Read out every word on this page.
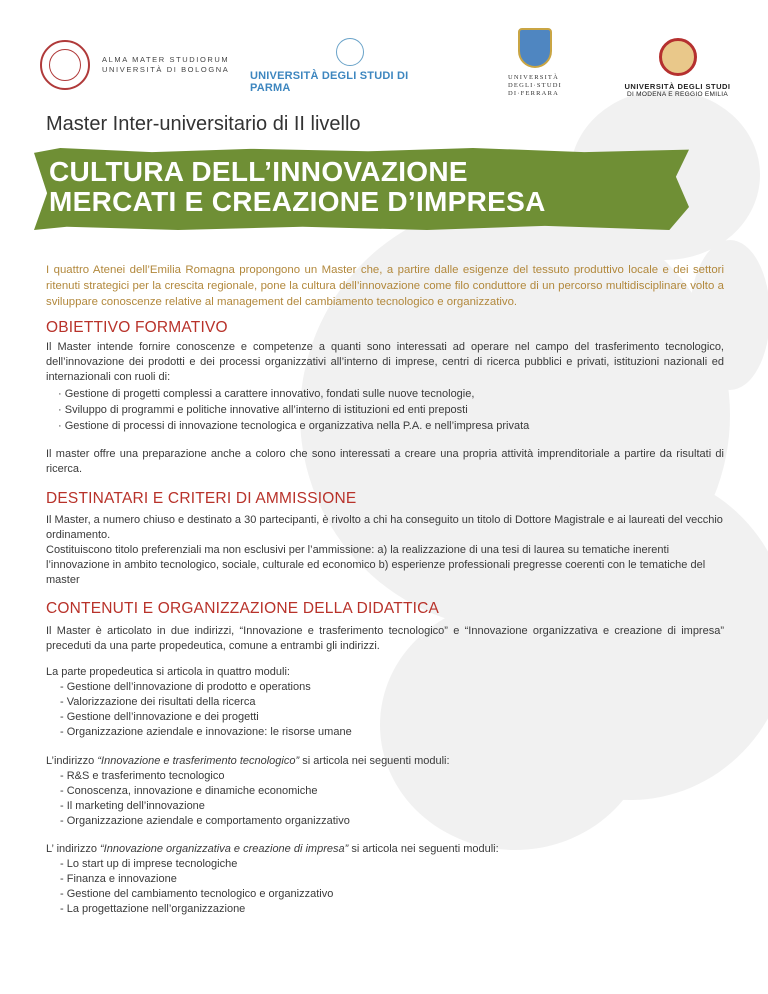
ALMA MATER STUDIORUM
UNIVERSITÀ DI BOLOGNA
UNIVERSITÀ DEGLI STUDI DI PARMA
UNIVERSITÀ
DEGLI·STUDI
DI·FERRARA
UNIVERSITÀ DEGLI STUDI
DI MODENA E REGGIO EMILIA
Master Inter-universitario di II livello
CULTURA DELL’INNOVAZIONE
MERCATI E CREAZIONE D’IMPRESA

I quattro Atenei dell’Emilia Romagna propongono un Master che, a partire dalle esigenze del tessuto produttivo locale e dei settori ritenuti strategici per la crescita regionale, pone la cultura dell’innovazione come filo conduttore di un percorso multidisciplinare volto a sviluppare conoscenze relative al management del cambiamento tecnologico e organizzativo.

OBIETTIVO FORMATIVO

Il Master intende fornire conoscenze e competenze a quanti sono interessati ad operare nel campo del trasferimento tecnologico, dell’innovazione dei prodotti e dei processi organizzativi all’interno di imprese, centri di ricerca pubblici e privati, istituzioni nazionali ed internazionali con ruoli di:

· Gestione di progetti complessi a carattere innovativo, fondati sulle nuove tecnologie,
· Sviluppo di programmi e politiche innovative all’interno di istituzioni ed enti preposti
· Gestione di processi di innovazione tecnologica e organizzativa nella P.A. e nell’impresa privata

Il master offre una preparazione anche a coloro che sono interessati a creare una propria attività imprenditoriale a partire da risultati di ricerca.

DESTINATARI E CRITERI DI AMMISSIONE

Il Master, a numero chiuso e destinato a 30 partecipanti, è rivolto a chi ha conseguito un titolo di Dottore Magistrale e ai laureati del vecchio ordinamento.

Costituiscono titolo preferenziali ma non esclusivi per l’ammissione: a) la realizzazione di una tesi di laurea su tematiche inerenti l’innovazione in ambito tecnologico, sociale, culturale ed economico b) esperienze professionali pregresse coerenti con le tematiche del master

CONTENUTI E ORGANIZZAZIONE DELLA DIDATTICA

Il Master è articolato in due indirizzi, “Innovazione e trasferimento tecnologico” e “Innovazione organizzativa e creazione di impresa” preceduti da una parte propedeutica, comune a entrambi gli indirizzi.

La parte propedeutica si articola in quattro moduli:

- Gestione dell’innovazione di prodotto e operations
- Valorizzazione dei risultati della ricerca
- Gestione dell’innovazione e dei progetti
- Organizzazione aziendale e innovazione: le risorse umane

L’indirizzo “Innovazione e trasferimento tecnologico” si articola nei seguenti moduli:

- R&S e trasferimento tecnologico
- Conoscenza, innovazione e dinamiche economiche
- Il marketing dell’innovazione
- Organizzazione aziendale e comportamento organizzativo

L’ indirizzo “Innovazione organizzativa e creazione di impresa” si articola nei seguenti moduli:

- Lo start up di imprese tecnologiche
- Finanza e innovazione
- Gestione del cambiamento tecnologico e organizzativo
- La progettazione nell’organizzazione
